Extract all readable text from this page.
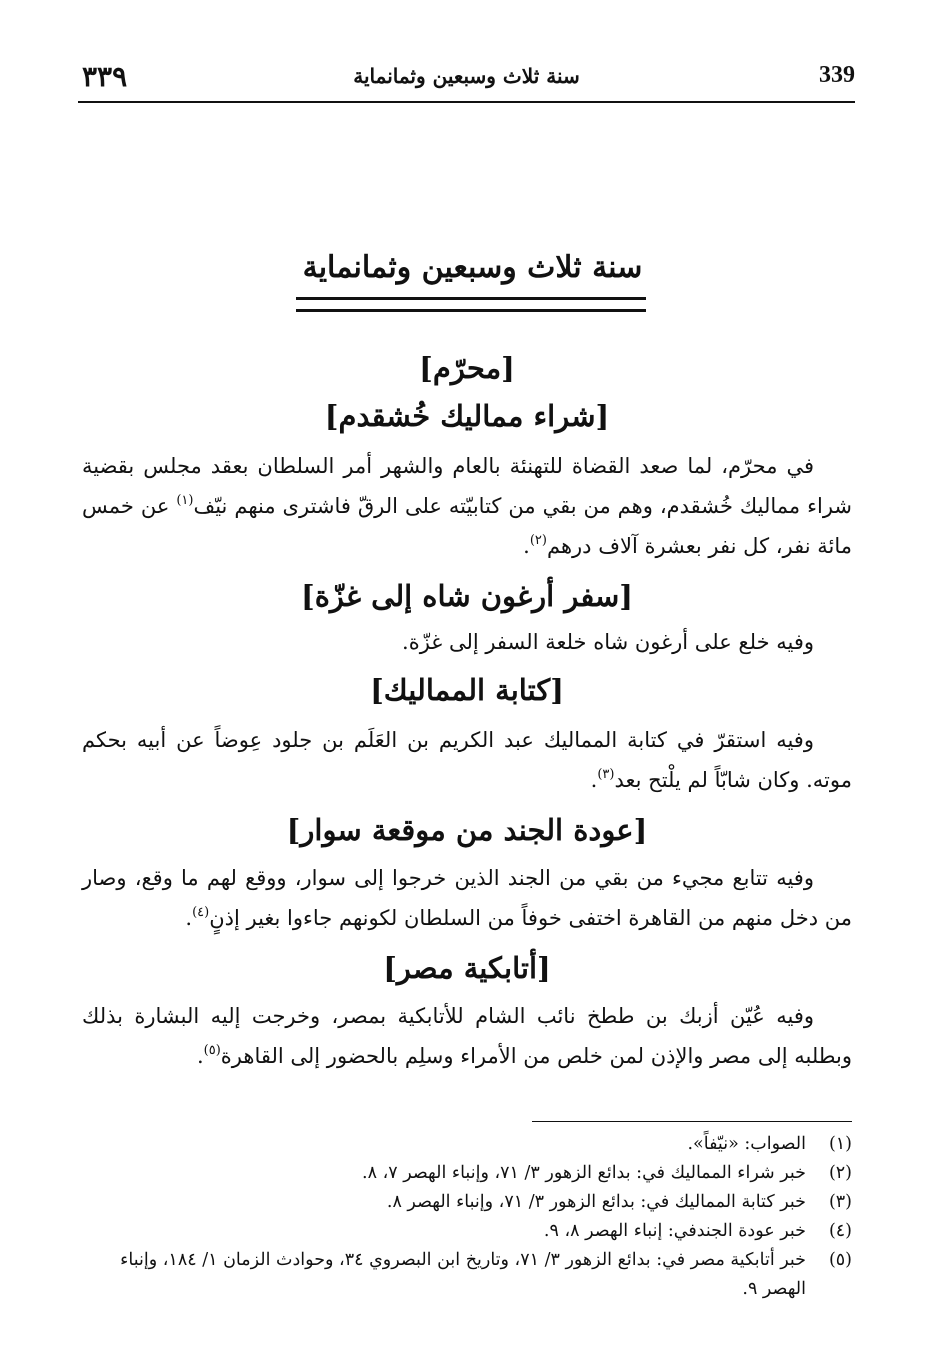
٣٣٩	سنة ثلاث وسبعين وثمانماية	339
سنة ثلاث وسبعين وثمانماية
[محرّم]
[شراء مماليك خُشقدم]

في محرّم، لما صعد القضاة للتهنئة بالعام والشهر أمر السلطان بعقد مجلس بقضية شراء مماليك خُشقدم، وهم من بقي من كتابيّته على الرقّ فاشترى منهم نيّف$^{(١)}$ عن خمس مائة نفر، كل نفر بعشرة آلاف درهم$^{(٢)}$.

[سفر أرغون شاه إلى غزّة]

وفيه خلع على أرغون شاه خلعة السفر إلى غزّة.

[كتابة المماليك]

وفيه استقرّ في كتابة المماليك عبد الكريم بن العَلَم بن جلود عِوضاً عن أبيه بحكم موته. وكان شابّاً لم يلْتح بعد$^{(٣)}$.

[عودة الجند من موقعة سوار]

وفيه تتابع مجيء من بقي من الجند الذين خرجوا إلى سوار، ووقع لهم ما وقع، وصار من دخل منهم من القاهرة اختفى خوفاً من السلطان لكونهم جاءوا بغير إذنٍ$^{(٤)}$.

[أتابكية مصر]

وفيه عُيّن أزبك بن ططخ نائب الشام للأتابكية بمصر، وخرجت إليه البشارة بذلك وبطلبه إلى مصر والإذن لمن خلص من الأمراء وسلِم بالحضور إلى القاهرة$^{(٥)}$.

(١)
الصواب: «نيّفاً».
(٢)
خبر شراء المماليك في: بدائع الزهور ٣/ ٧١، وإنباء الهصر ٧، ٨.
(٣)
خبر كتابة المماليك في: بدائع الزهور ٣/ ٧١، وإنباء الهصر ٨.
(٤)
خبر عودة الجندفي: إنباء الهصر ٨، ٩.
(٥)
خبر أتابكية مصر في: بدائع الزهور ٣/ ٧١، وتاريخ ابن البصروي ٣٤، وحوادث الزمان ١/ ١٨٤، وإنباء الهصر ٩.
